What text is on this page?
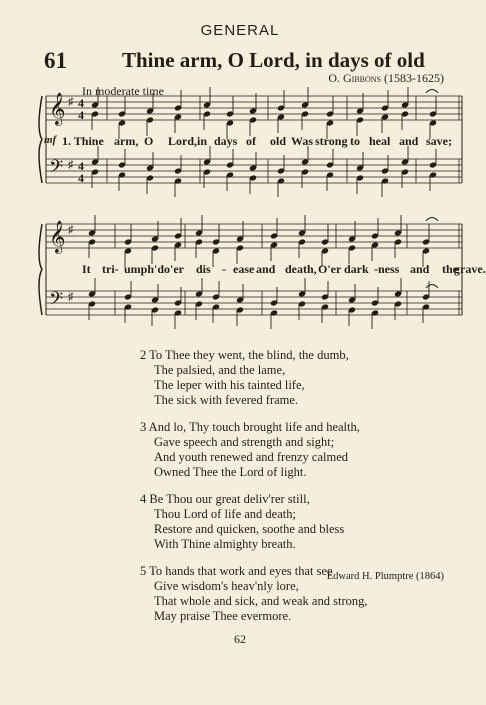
GENERAL
61	Thine arm, O Lord, in days of old
O. Gibbons (1583-1625)
In moderate time
mf
𝄞
𝄢
♯
♯
4
4
4
4
𝄞
𝄢
♯
♯
1. Thine arm, O Lord, in days of old Was strong to heal and save;
It tri- umph'd o'er dis - ease and death, O'er dark -ness and the
grave.
2 To Thee they went, the blind, the dumb,
The palsied, and the lame,
The leper with his tainted life,
The sick with fevered frame.
3 And lo, Thy touch brought life and health,
Gave speech and strength and sight;
And youth renewed and frenzy calmed
Owned Thee the Lord of light.
4 Be Thou our great deliv'rer still,
Thou Lord of life and death;
Restore and quicken, soothe and bless
With Thine almighty breath.
5 To hands that work and eyes that see
Give wisdom's heav'nly lore,
That whole and sick, and weak and strong,
May praise Thee evermore.
Edward H. Plumptre (1864)
62
